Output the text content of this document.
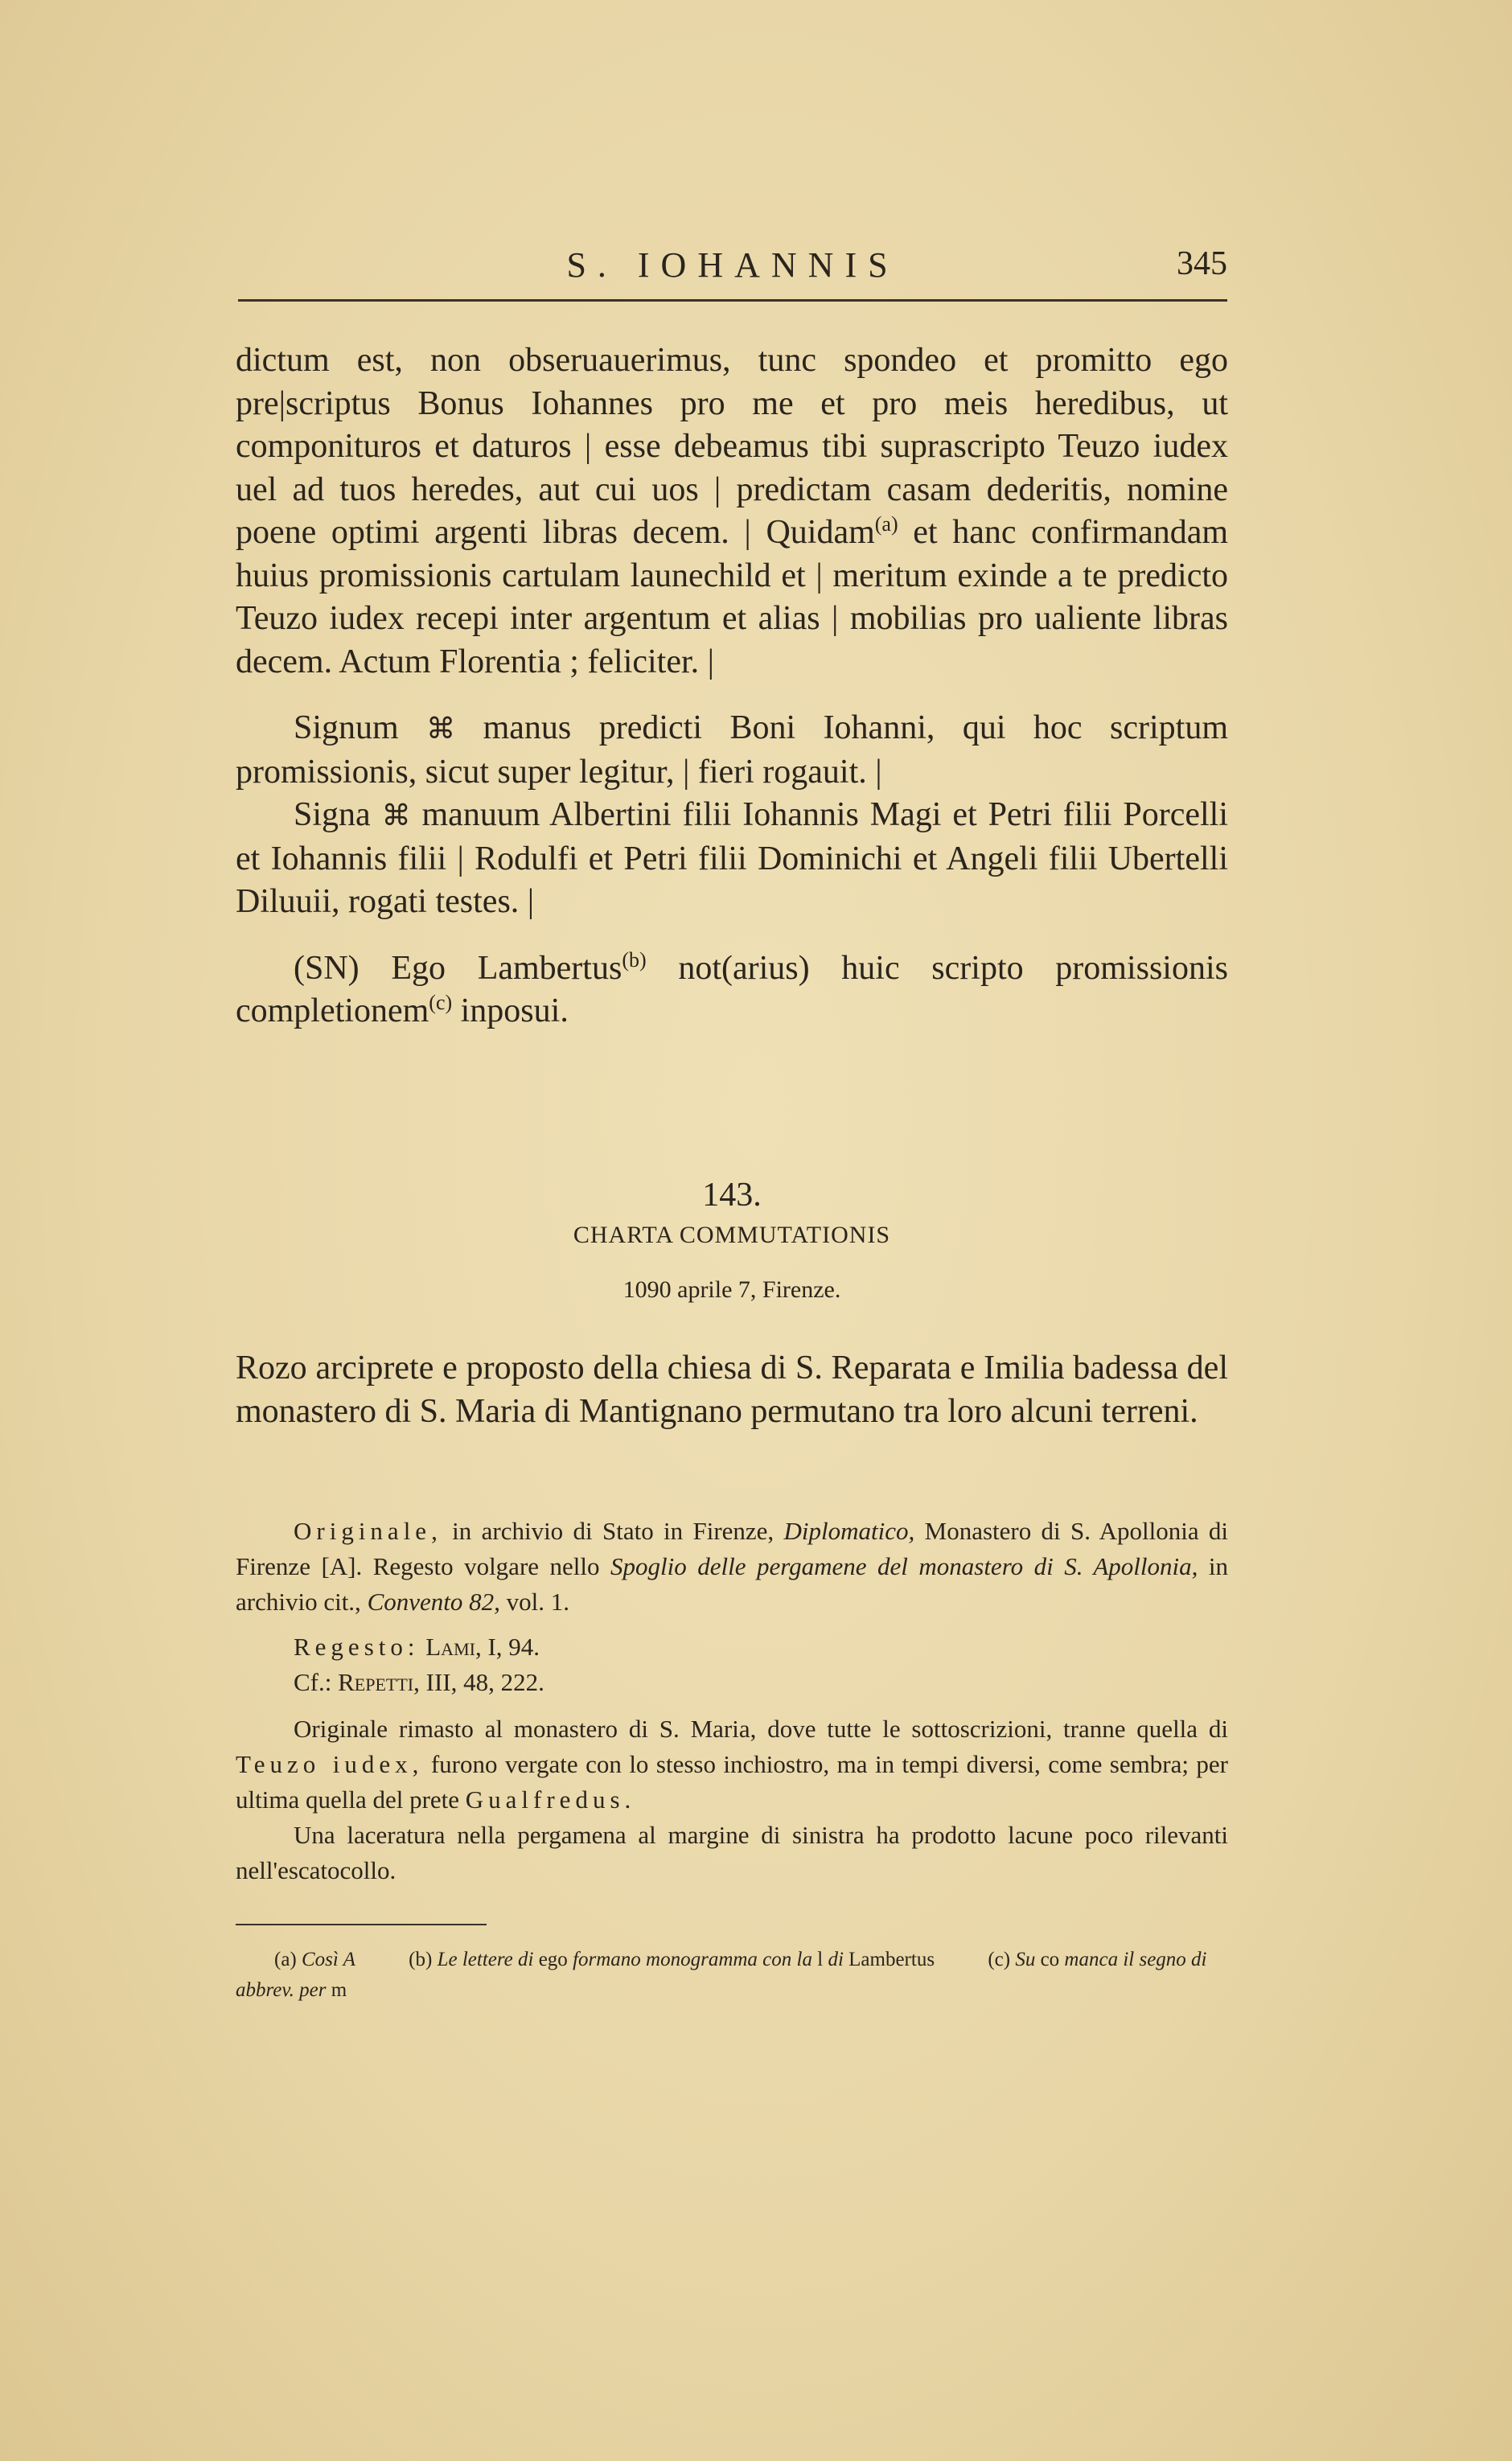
S. IOHANNIS	345

dictum est, non obseruauerimus, tunc spondeo et promitto ego pre|scriptus Bonus Iohannes pro me et pro meis heredibus, ut componituros et daturos | esse debeamus tibi suprascripto Teuzo iudex uel ad tuos heredes, aut cui uos | predictam casam dederitis, nomine poene optimi argenti libras decem. | Quidam$^{(a)}$ et hanc confirmandam huius promissionis cartulam launechild et | meritum exinde a te predicto Teuzo iudex recepi inter argentum et alias | mobilias pro ualiente libras decem. Actum Florentia ; feliciter. |

Signum ⌘ manus predicti Boni Iohanni, qui hoc scriptum promissionis, sicut super legitur, | fieri rogauit. |

Signa ⌘ manuum Albertini filii Iohannis Magi et Petri filii Porcelli et Iohannis filii | Rodulfi et Petri filii Dominichi et Angeli filii Ubertelli Diluuii, rogati testes. |

(SN) Ego Lambertus$^{(b)}$ not(arius) huic scripto promissionis completionem$^{(c)}$ inposui.

143.

CHARTA COMMUTATIONIS

1090 aprile 7, Firenze.

Rozo arciprete e proposto della chiesa di S. Reparata e Imilia badessa del monastero di S. Maria di Mantignano permutano tra loro alcuni terreni.

Originale, in archivio di Stato in Firenze, Diplomatico, Monastero di S. Apollonia di Firenze [A]. Regesto volgare nello Spoglio delle pergamene del monastero di S. Apollonia, in archivio cit., Convento 82, vol. 1.

Regesto: Lami, I, 94.

Cf.: Repetti, III, 48, 222.

Originale rimasto al monastero di S. Maria, dove tutte le sottoscrizioni, tranne quella di Teuzo iudex, furono vergate con lo stesso inchiostro, ma in tempi diversi, come sembra; per ultima quella del prete Gualfredus.

Una laceratura nella pergamena al margine di sinistra ha prodotto lacune poco rilevanti nell'escatocollo.

(a) Così A	(b) Le lettere di ego formano monogramma con la l di Lambertus	(c) Su co manca il segno di abbrev. per m
